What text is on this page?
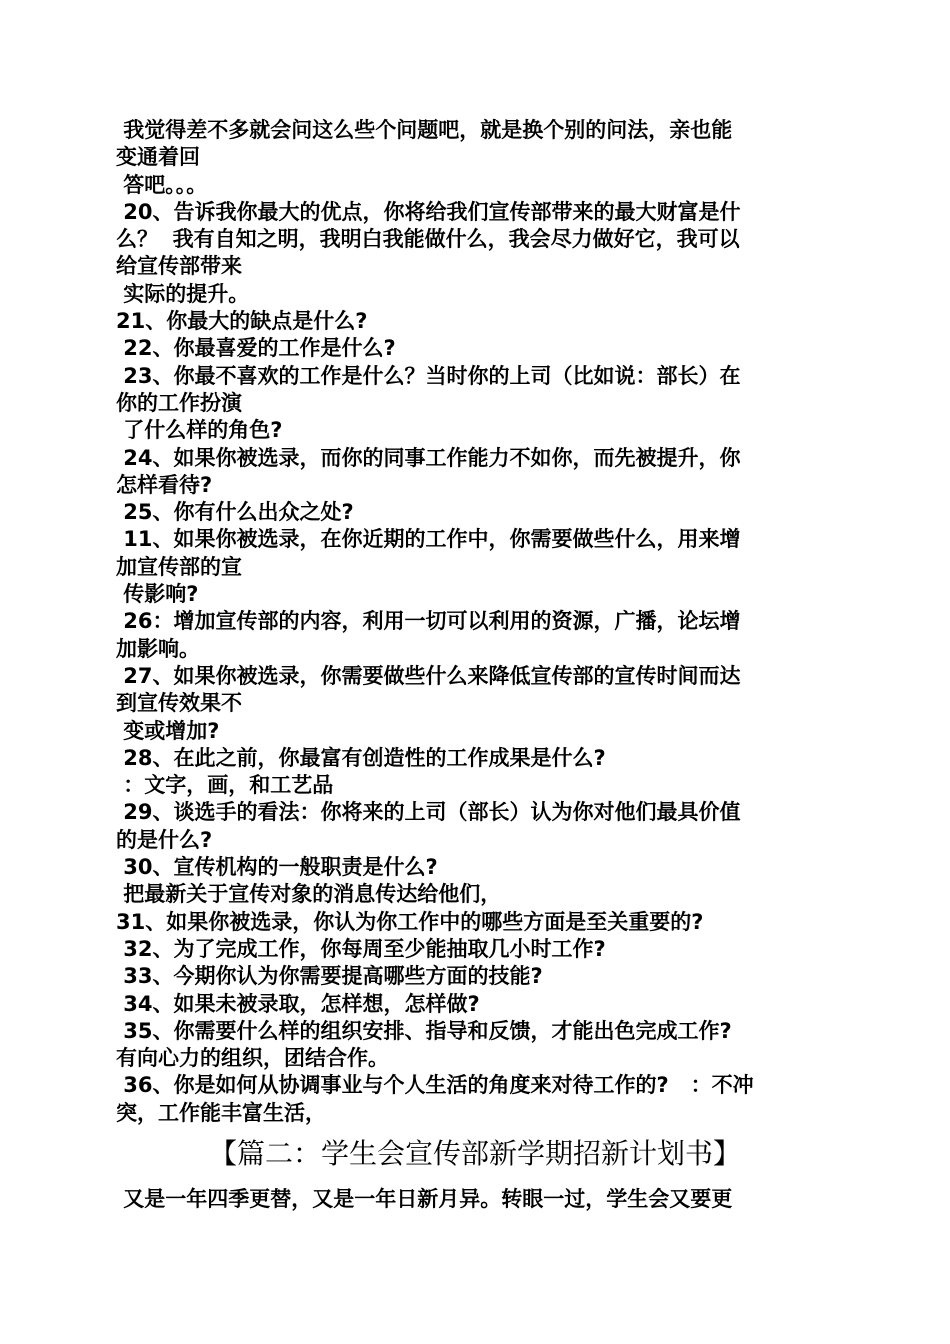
我觉得差不多就会问这么些个问题吧，就是换个别的问法，亲也能
变通着回
答吧。。。
20、告诉我你最大的优点，你将给我们宣传部带来的最大财富是什
么？  我有自知之明，我明白我能做什么，我会尽力做好它，我可以
给宣传部带来
实际的提升。
21、你最大的缺点是什么?
22、你最喜爱的工作是什么?
23、你最不喜欢的工作是什么？当时你的上司（比如说：部长）在
你的工作扮演
了什么样的角色?
24、如果你被选录，而你的同事工作能力不如你，而先被提升，你
怎样看待?
25、你有什么出众之处?
11、如果你被选录，在你近期的工作中，你需要做些什么，用来增
加宣传部的宣
传影响?
26：增加宣传部的内容，利用一切可以利用的资源，广播，论坛增
加影响。
27、如果你被选录，你需要做些什么来降低宣传部的宣传时间而达
到宣传效果不
变或增加?
28、在此之前，你最富有创造性的工作成果是什么?
：文字，画，和工艺品
29、谈选手的看法：你将来的上司（部长）认为你对他们最具价值
的是什么?
30、宣传机构的一般职责是什么?
把最新关于宣传对象的消息传达给他们，
31、如果你被选录，你认为你工作中的哪些方面是至关重要的?
32、为了完成工作，你每周至少能抽取几小时工作?
33、今期你认为你需要提高哪些方面的技能?
34、如果未被录取，怎样想，怎样做?
35、你需要什么样的组织安排、指导和反馈，才能出色完成工作?
有向心力的组织，团结合作。
36、你是如何从协调事业与个人生活的角度来对待工作的?   ：不冲
突，工作能丰富生活，
【篇二：学生会宣传部新学期招新计划书】
又是一年四季更替，又是一年日新月异。转眼一过，学生会又要更
